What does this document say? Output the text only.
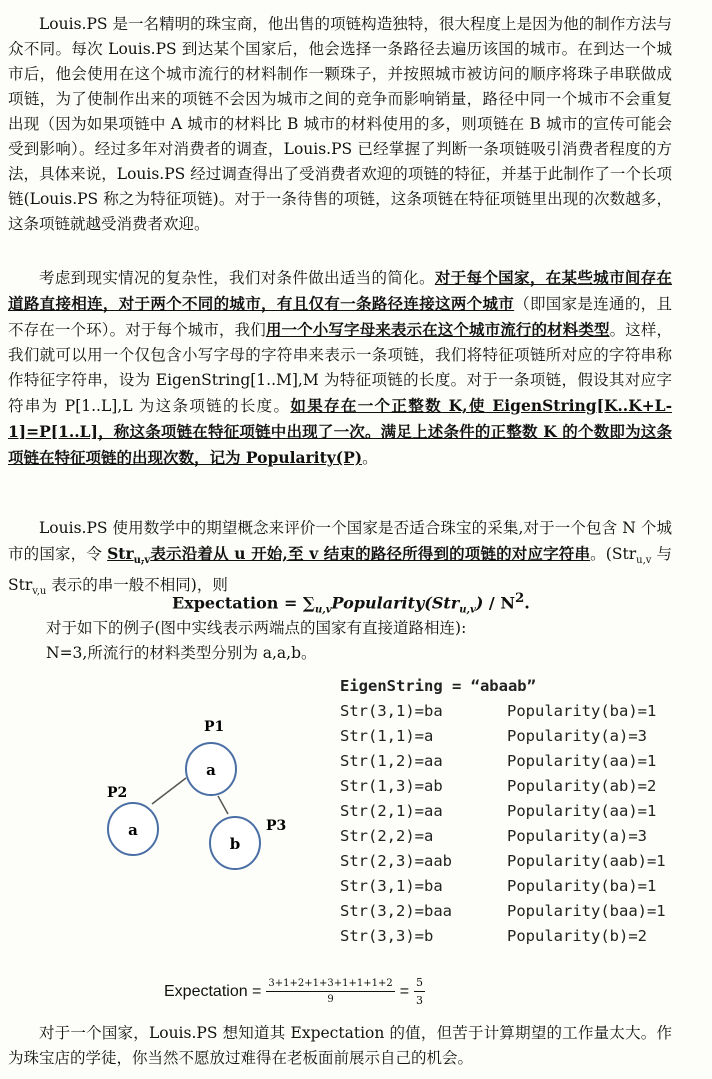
Louis.PS 是一名精明的珠宝商，他出售的项链构造独特，很大程度上是因为他的制作方法与众不同。每次 Louis.PS 到达某个国家后，他会选择一条路径去遍历该国的城市。在到达一个城市后，他会使用在这个城市流行的材料制作一颗珠子，并按照城市被访问的顺序将珠子串联做成项链，为了使制作出来的项链不会因为城市之间的竞争而影响销量，路径中同一个城市不会重复出现（因为如果项链中 A 城市的材料比 B 城市的材料使用的多，则项链在 B 城市的宣传可能会受到影响）。经过多年对消费者的调查，Louis.PS 已经掌握了判断一条项链吸引消费者程度的方法，具体来说，Louis.PS 经过调查得出了受消费者欢迎的项链的特征，并基于此制作了一个长项链(Louis.PS 称之为特征项链)。对于一条待售的项链，这条项链在特征项链里出现的次数越多，这条项链就越受消费者欢迎。

考虑到现实情况的复杂性，我们对条件做出适当的简化。对于每个国家，在某些城市间存在道路直接相连，对于两个不同的城市，有且仅有一条路径连接这两个城市（即国家是连通的，且不存在一个环）。对于每个城市，我们用一个小写字母来表示在这个城市流行的材料类型。这样，我们就可以用一个仅包含小写字母的字符串来表示一条项链，我们将特征项链所对应的字符串称作特征字符串，设为 EigenString[1..M],M 为特征项链的长度。对于一条项链，假设其对应字符串为 P[1..L],L 为这条项链的长度。如果存在一个正整数 K,使 EigenString[K..K+L-1]=P[1..L]，称这条项链在特征项链中出现了一次。满足上述条件的正整数 K 的个数即为这条项链在特征项链的出现次数，记为 Popularity(P)。

Louis.PS 使用数学中的期望概念来评价一个国家是否适合珠宝的采集,对于一个包含 N 个城市的国家，令 Str$_{u,v}$表示沿着从 u 开始,至 v 结束的路径所得到的项链的对应字符串。(Str$_{u,v}$ 与 Str$_{v,u}$ 表示的串一般不相同)，则

Expectation = $\sum_{u,v}Popularity(Str_{u,v}) / N^2$.
对于如下的例子(图中实线表示两端点的国家有直接道路相连):
N=3,所流行的材料类型分别为 a,a,b。
a
a
b
P1
P2
P3
EigenString = “abaab”
Str(3,1)=ba	Popularity(ba)=1
Str(1,1)=a	Popularity(a)=3
Str(1,2)=aa	Popularity(aa)=1
Str(1,3)=ab	Popularity(ab)=2
Str(2,1)=aa	Popularity(aa)=1
Str(2,2)=a	Popularity(a)=3
Str(2,3)=aab	Popularity(aab)=1
Str(3,1)=ba	Popularity(ba)=1
Str(3,2)=baa	Popularity(baa)=1
Str(3,3)=b	Popularity(b)=2
Expectation = $\frac{3+1+2+1+3+1+1+1+2}{9} = \frac{5}{3}$

对于一个国家，Louis.PS 想知道其 Expectation 的值，但苦于计算期望的工作量太大。作为珠宝店的学徒，你当然不愿放过难得在老板面前展示自己的机会。
